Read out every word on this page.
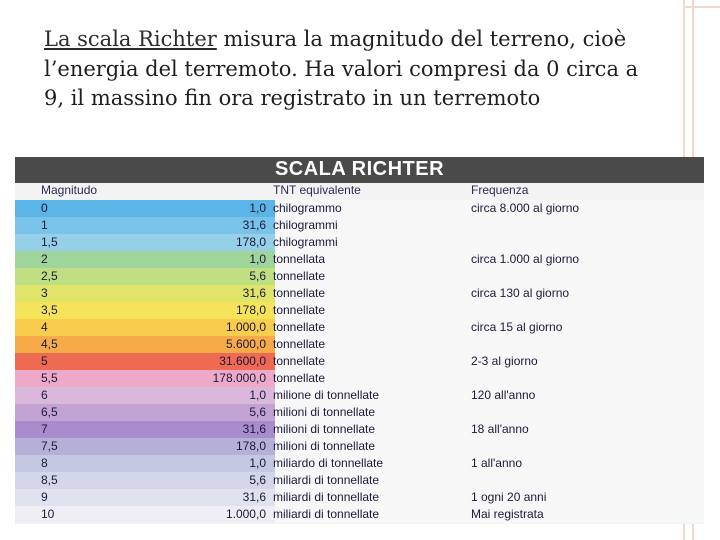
La scala Richter misura la magnitudo del terreno, cioè l’energia del terremoto. Ha valori compresi da 0 circa a 9, il massino fin ora registrato in un terremoto

SCALA RICHTER
Magnitudo	TNT equivalente	Frequenza
0	1,0 chilogrammo	circa 8.000 al giorno
1	31,6 chilogrammi
1,5	178,0 chilogrammi
2	1,0 tonnellata	circa 1.000 al giorno
2,5	5,6 tonnellate
3	31,6 tonnellate	circa 130 al giorno
3,5	178,0 tonnellate
4	1.000,0 tonnellate	circa 15 al giorno
4,5	5.600,0 tonnellate
5	31.600,0 tonnellate	2-3 al giorno
5,5	178.000,0 tonnellate
6	1,0 milione di tonnellate	120 all'anno
6,5	5,6 milioni di tonnellate
7	31,6 milioni di tonnellate	18 all'anno
7,5	178,0 milioni di tonnellate
8	1,0 miliardo di tonnellate	1 all'anno
8,5	5,6 miliardi di tonnellate
9	31,6 miliardi di tonnellate	1 ogni 20 anni
10	1.000,0 miliardi di tonnellate	Mai registrata
